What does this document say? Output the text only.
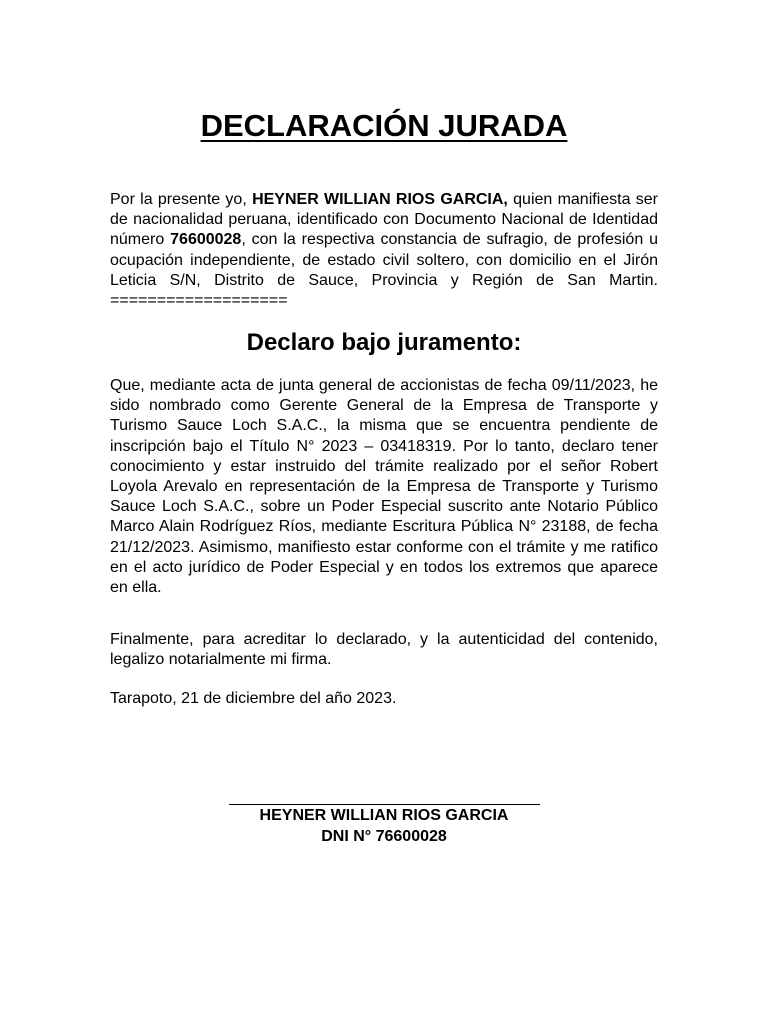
DECLARACIÓN JURADA

Por la presente yo, HEYNER WILLIAN RIOS GARCIA, quien manifiesta ser de nacionalidad peruana, identificado con Documento Nacional de Identidad número 76600028, con la respectiva constancia de sufragio, de profesión u ocupación independiente, de estado civil soltero, con domicilio en el Jirón Leticia S/N, Distrito de Sauce, Provincia y Región de San Martin. ===================

Declaro bajo juramento:

Que, mediante acta de junta general de accionistas de fecha 09/11/2023, he sido nombrado como Gerente General de la Empresa de Transporte y Turismo Sauce Loch S.A.C., la misma que se encuentra pendiente de inscripción bajo el Título N° 2023 – 03418319. Por lo tanto, declaro tener conocimiento y estar instruido del trámite realizado por el señor Robert Loyola Arevalo en representación de la Empresa de Transporte y Turismo Sauce Loch S.A.C., sobre un Poder Especial suscrito ante Notario Público Marco Alain Rodríguez Ríos, mediante Escritura Pública N° 23188, de fecha 21/12/2023. Asimismo, manifiesto estar conforme con el trámite y me ratifico en el acto jurídico de Poder Especial y en todos los extremos que aparece en ella.

Finalmente, para acreditar lo declarado, y la autenticidad del contenido, legalizo notarialmente mi firma.

Tarapoto, 21 de diciembre del año 2023.

HEYNER WILLIAN RIOS GARCIA
DNI N° 76600028
